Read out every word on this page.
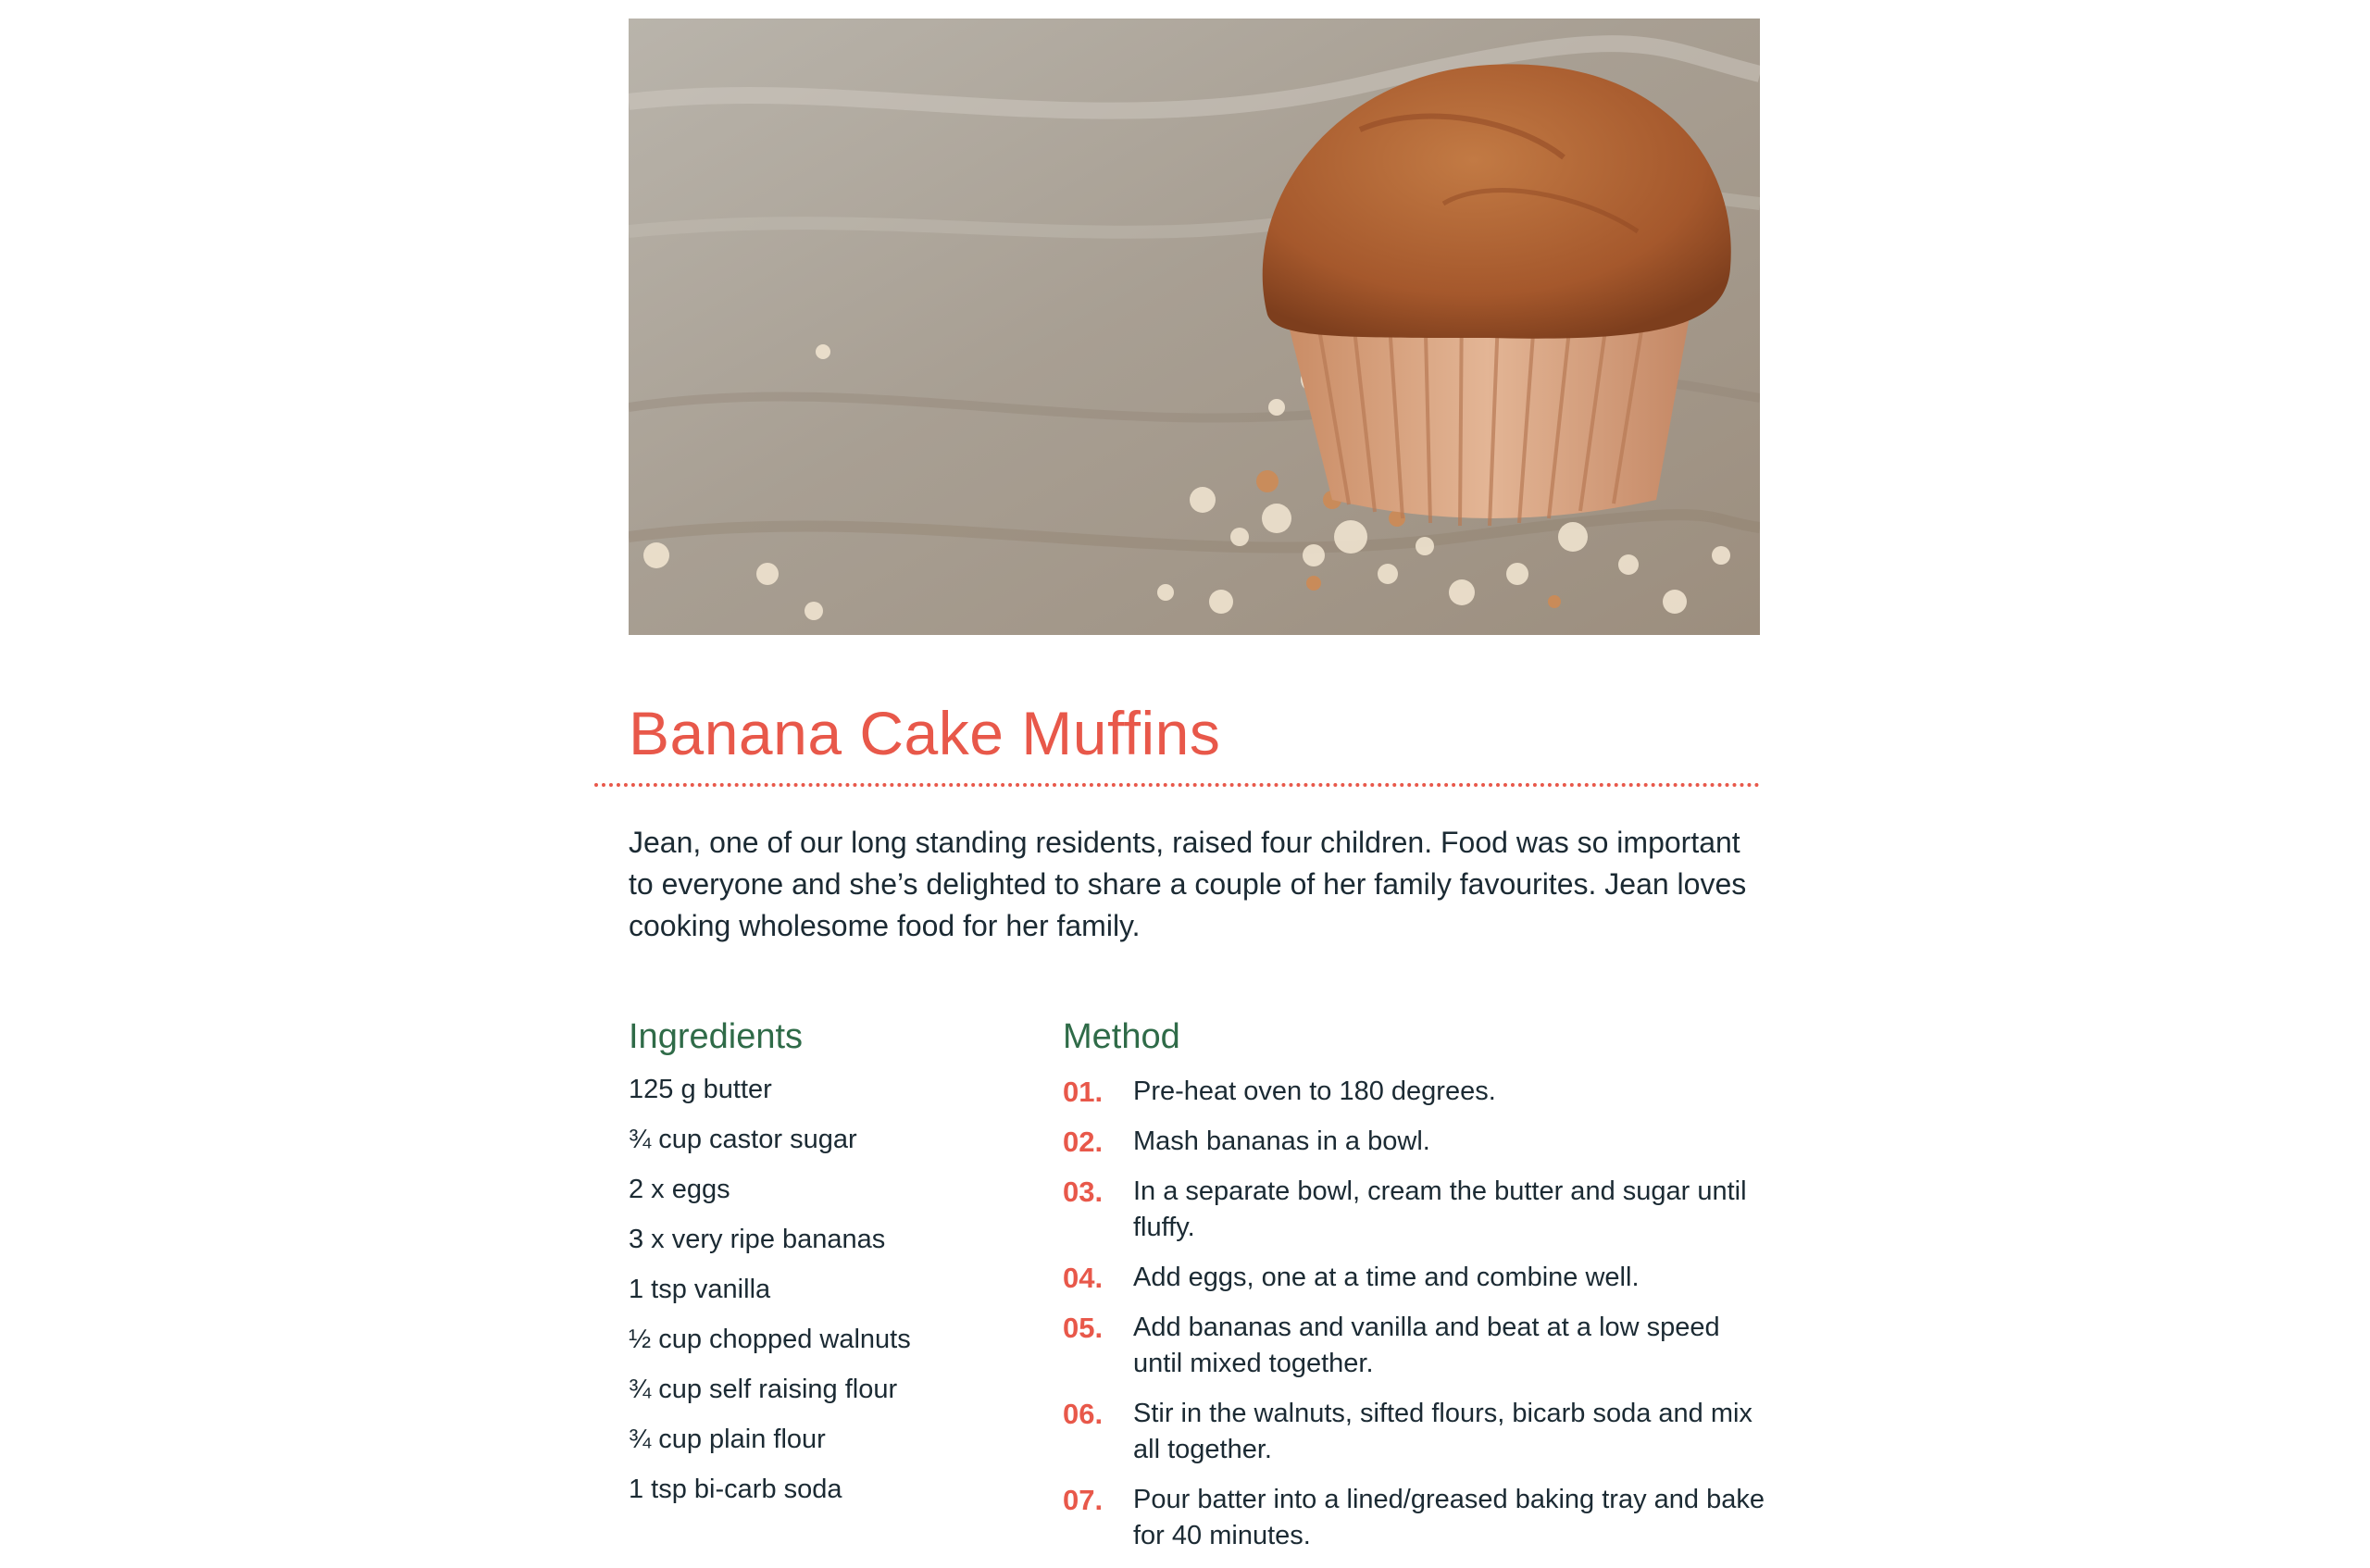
Banana Cake Muffins
Jean, one of our long standing residents, raised four children. Food was so important
to everyone and she’s delighted to share a couple of her family favourites. Jean loves
cooking wholesome food for her family.
Ingredients	Method
125 g butter
¾ cup castor sugar
2 x eggs
3 x very ripe bananas
1 tsp vanilla
½ cup chopped walnuts
¾ cup self raising flour
¾ cup plain flour
1 tsp bi-carb soda
01. Pre-heat oven to 180 degrees.
02. Mash bananas in a bowl.
03. In a separate bowl, cream the butter and sugar until fluffy.
04. Add eggs, one at a time and combine well.
05. Add bananas and vanilla and beat at a low speed until mixed together.
06. Stir in the walnuts, sifted flours, bicarb soda and mix all together.
07. Pour batter into a lined/greased baking tray and bake for 40 minutes.
